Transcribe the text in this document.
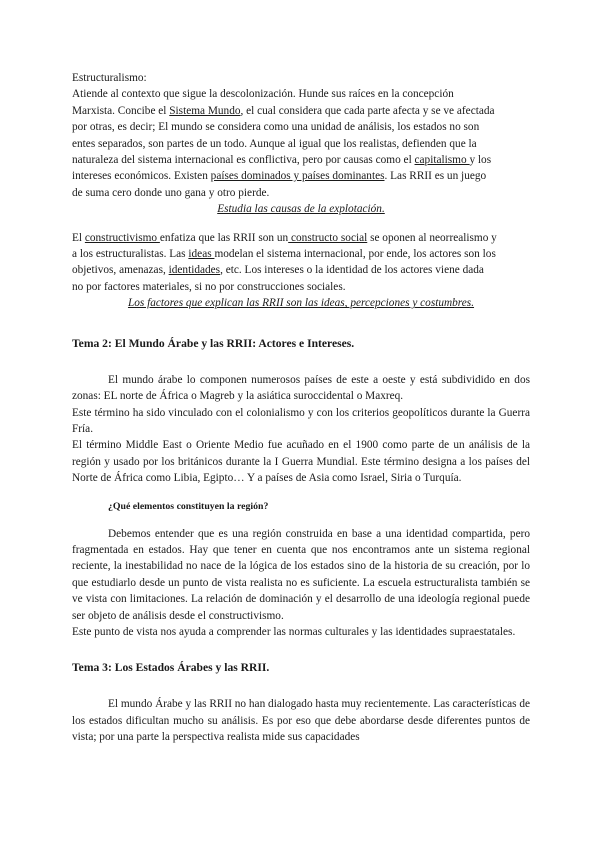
Estructuralismo:

Atiende al contexto que sigue la descolonización. Hunde sus raíces en la concepción

Marxista. Concibe el Sistema Mundo, el cual considera que cada parte afecta y se ve afectada

por otras, es decir; El mundo se considera como una unidad de análisis, los estados no son

entes separados, son partes de un todo. Aunque al igual que los realistas, defienden que la

naturaleza del sistema internacional es conflictiva, pero por causas como el capitalismo y los

intereses económicos. Existen países dominados y países dominantes. Las RRII es un juego

de suma cero donde uno gana y otro pierde.

Estudia las causas de la explotación.

El constructivismo enfatiza que las RRII son un constructo social se oponen al neorrealismo y

a los estructuralistas. Las ideas modelan el sistema internacional, por ende, los actores son los

objetivos, amenazas, identidades, etc. Los intereses o la identidad de los actores viene dada

no por factores materiales, si no por construcciones sociales.

Los factores que explican las RRII son las ideas, percepciones y costumbres.

Tema 2: El Mundo Árabe y las RRII: Actores e Intereses.

El mundo árabe lo componen numerosos países de este a oeste y está subdividido en dos zonas: EL norte de África o Magreb y la asiática suroccidental o Maxreq.

Este término ha sido vinculado con el colonialismo y con los criterios geopolíticos durante la Guerra Fría.

El término Middle East o Oriente Medio fue acuñado en el 1900 como parte de un análisis de la región y usado por los británicos durante la I Guerra Mundial. Este término designa a los países del Norte de África como Libia, Egipto… Y a países de Asia como Israel, Siria o Turquía.

¿Qué elementos constituyen la región?

Debemos entender que es una región construida en base a una identidad compartida, pero fragmentada en estados. Hay que tener en cuenta que nos encontramos ante un sistema regional reciente, la inestabilidad no nace de la lógica de los estados sino de la historia de su creación, por lo que estudiarlo desde un punto de vista realista no es suficiente. La escuela estructuralista también se ve vista con limitaciones. La relación de dominación y el desarrollo de una ideología regional puede ser objeto de análisis desde el constructivismo.

Este punto de vista nos ayuda a comprender las normas culturales y las identidades supraestatales.

Tema 3: Los Estados Árabes y las RRII.

El mundo Árabe y las RRII no han dialogado hasta muy recientemente. Las características de los estados dificultan mucho su análisis. Es por eso que debe abordarse desde diferentes puntos de vista; por una parte la perspectiva realista mide sus capacidades
